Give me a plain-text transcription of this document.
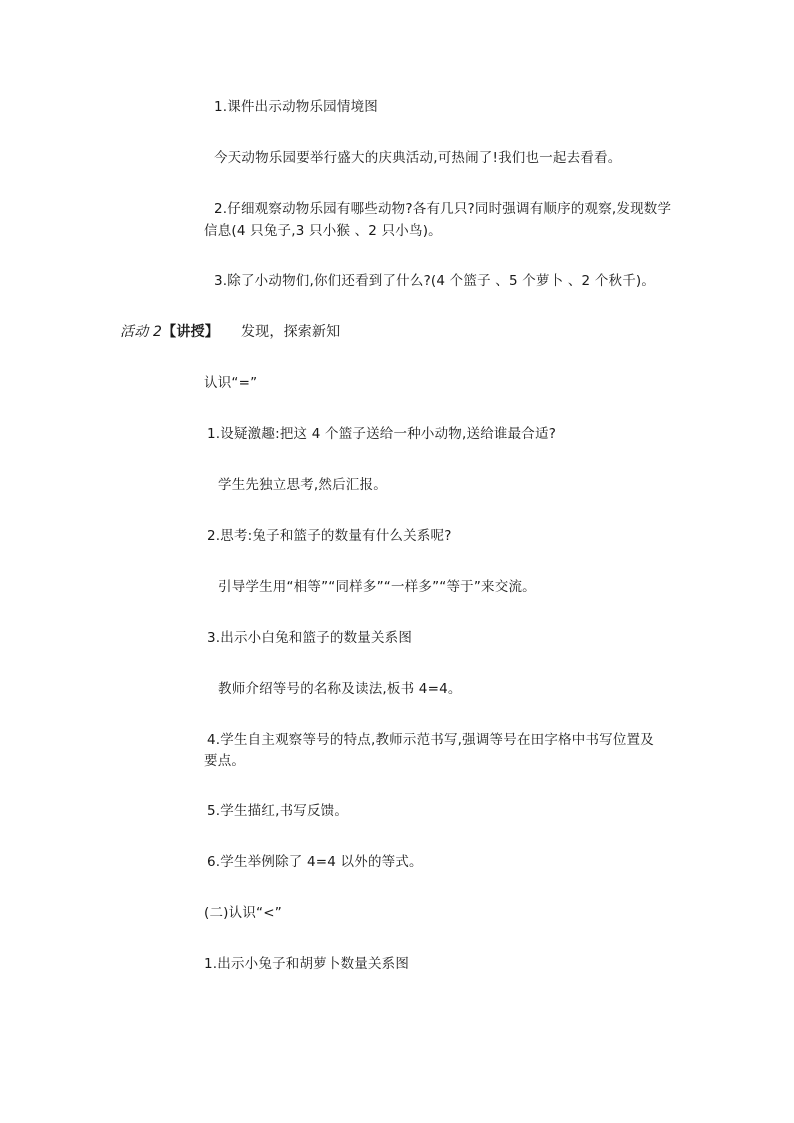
1.课件出示动物乐园情境图
今天动物乐园要举行盛大的庆典活动,可热闹了!我们也一起去看看。
2.仔细观察动物乐园有哪些动物?各有几只?同时强调有顺序的观察,发现数学
信息(4 只兔子,3 只小猴 、2 只小鸟)。
3.除了小动物们,你们还看到了什么?(4 个篮子 、5 个萝卜 、2 个秋千)。
活动 2【讲授】 发现，探索新知
认识“=”
1.设疑激趣:把这 4 个篮子送给一种小动物,送给谁最合适?
学生先独立思考,然后汇报。
2.思考:兔子和篮子的数量有什么关系呢?
引导学生用“相等”“同样多”“一样多”“等于”来交流。
3.出示小白兔和篮子的数量关系图
教师介绍等号的名称及读法,板书 4=4。
4.学生自主观察等号的特点,教师示范书写,强调等号在田字格中书写位置及
要点。
5.学生描红,书写反馈。
6.学生举例除了 4=4 以外的等式。
(二)认识“<”
1.出示小兔子和胡萝卜数量关系图
